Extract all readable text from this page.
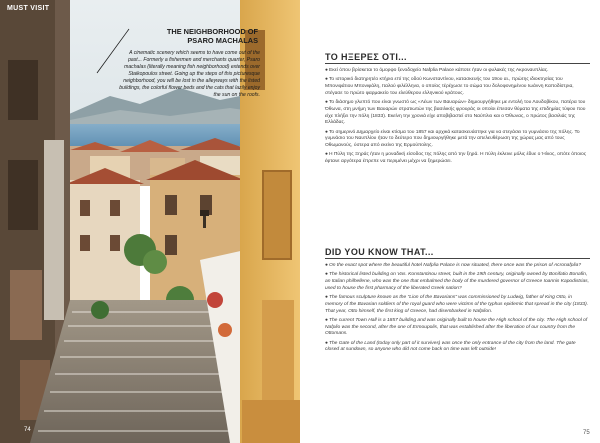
MUST VISIT
THE NEIGHBORHOOD OF
PSARO MACHALAS
A cinematic scenery which seems to have come out of the past... Formerly a fishermen and merchants quarter, Psaro machalas (literally meaning fish neighborhood) extends over Staikopoulos street. Going up the steps of this picturesque neighborhood, you will be lost in the alleyways with the listed buildings, the colorful flower beds and the cats that lazily enjoy the sun on the roofs.
74
ΤΟ ΗΞΕΡΕΣ ΟΤΙ...

●Εκεί όπου βρίσκεται το όμορφο ξενοδοχείο Nafplia Palace κάποτε ήταν οι φυλακές της Ακροναυπλίας.

●Το ιστορικό διατηρητέο κτήριο επί της οδού Κωνσταντίνου, κατασκευής του 19ου αι., πρώτης ιδιοκτησίας του Μπονιφάτιου Μπονιφάλη, Ιταλού φιλέλληνα, ο οποίος τέρέχωσε το σώμα του δολοφονημένου Ιωάννη Καποδίστρια, στέγασε το πρώτο φαρμακείο του ελεύθερου ελληνικού κράτους.

●Το διάσημο γλυπτό που είναι γνωστό ως «Λέων των Βαυαρών» δημιουργήθηκε με εντολή του Λουδοβίκου, πατέρα του Όθωνα, στη μνήμη των Βαυαρών στρατιωτών της βασιλικής φρουράς οι οποίοι έπεσαν θύματα της επιδημίας τύφου που είχε πλήξει την πόλη (1833). Εκείνη την χρονιά είχε αποβιβαστεί στο Ναύπλιο και ο Όθωνας, ο πρώτος βασιλιάς της Ελλάδας.

●Το σημερινό Δημαρχείο είναι κτίσμα του 1857 και αρχικά κατασκευάστηκε για να στεγάσει το γυμνάσιο της πόλης. Το γυμνάσιο του Ναυπλίου ήταν το δεύτερο που δημιουργήθηκε μετά την απελευθέρωση της χώρας μας από τους Οθωμανούς, ύστερα από εκείνο της Ερμούπολης.

●Η Πύλη της Ξηράς ήταν η μοναδική είσοδος της πόλης από την ξηρά. Η πύλη έκλεινε μόλις έδυε ο Ήλιος, οπότε όποιος έφτανε αργότερα έπρεπε να περιμένει μέχρι να ξημερώσει.

DID YOU KNOW THAT...

●On the exact spot where the beautiful hotel Nafplia Palace is now situated, there once was the prison of Acronafplia?

●The historical listed building on Vas. Konstantinou street, built in the 19th century, originally owned by Bonifatio Bonafin, an Italian philhellene, who was the one that embalmed the body of the murdered governor of Greece Ioannis Kapodistrias, used to house the first pharmacy of the liberated Greek nation?

●The famous sculpture known as the "Lion of the Bavarians" was commissioned by Ludwig, father of King Otto, in memory of the Bavarian soldiers of the royal guard who were victims of the typhus epidemic that spread in the city (1833). That year, Otto himself, the first king of Greece, had disembarked in Nafplion.

●The current Town Hall is a 1857 building and was originally built to house the High school of the city. The High school of Nafplio was the second, after the one of Ermoupolis, that was established after the liberation of our country from the Ottomans.

●The Gate of the Land (today only part of it survives) was once the only entrance of the city from the land. The gate closed at sundown, so anyone who did not come back on time was left outside!

75
